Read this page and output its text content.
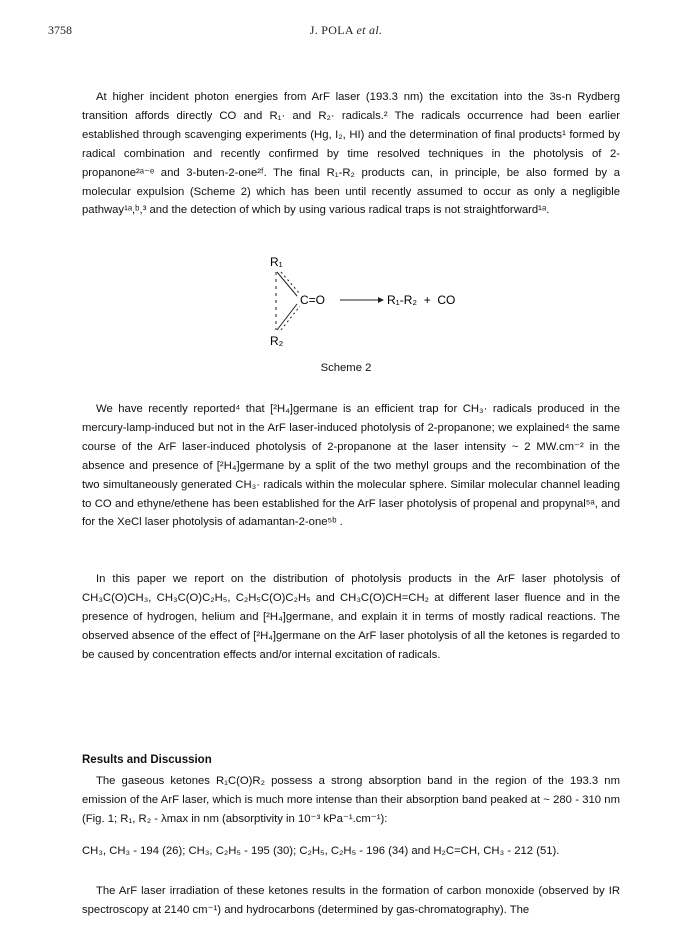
3758	J. POLA et al.

At higher incident photon energies from ArF laser (193.3 nm) the excitation into the 3s-n Rydberg transition affords directly CO and R₁· and R₂· radicals.² The radicals occurrence had been earlier established through scavenging experiments (Hg, I₂, HI) and the determination of final products¹ formed by radical combination and recently confirmed by time resolved techniques in the photolysis of 2-propanone²ᵃ⁻ᵉ and 3-buten-2-one²ᶠ. The final R₁-R₂ products can, in principle, be also formed by a molecular expulsion (Scheme 2) which has been until recently assumed to occur as only a negligible pathway¹ᵃ,ᵇ,³ and the detection of which by using various radical traps is not straightforward¹ᵃ.

R₁
R₂
C=O	R₁-R₂  +  CO
Scheme 2

We have recently reported⁴ that [²H₄]germane is an efficient trap for CH₃· radicals produced in the mercury-lamp-induced but not in the ArF laser-induced photolysis of 2-propanone; we explained⁴ the same course of the ArF laser-induced photolysis of 2-propanone at the laser intensity ~ 2 MW.cm⁻² in the absence and presence of [²H₄]germane by a split of the two methyl groups and the recombination of the two simultaneously generated CH₃· radicals within the molecular sphere. Similar molecular channel leading to CO and ethyne/ethene has been established for the ArF laser photolysis of propenal and propynal⁵ᵃ, and for the XeCl laser photolysis of adamantan-2-one⁵ᵇ .

In this paper we report on the distribution of photolysis products in the ArF laser photolysis of CH₃C(O)CH₃, CH₃C(O)C₂H₅, C₂H₅C(O)C₂H₅ and CH₃C(O)CH=CH₂ at different laser fluence and in the presence of hydrogen, helium and [²H₄]germane, and explain it in terms of mostly radical reactions. The observed absence of the effect of [²H₄]germane on the ArF laser photolysis of all the ketones is regarded to be caused by concentration effects and/or internal excitation of radicals.

Results and Discussion

The gaseous ketones R₁C(O)R₂ possess a strong absorption band in the region of the 193.3 nm emission of the ArF laser, which is much more intense than their absorption band peaked at ~ 280 - 310 nm (Fig. 1; R₁, R₂ - λmax in nm (absorptivity in 10⁻³ kPa⁻¹.cm⁻¹):

CH₃, CH₃ - 194 (26); CH₃, C₂H₅ - 195 (30); C₂H₅, C₂H₅ - 196 (34) and H₂C=CH, CH₃ - 212 (51).

The ArF laser irradiation of these ketones results in the formation of carbon monoxide (observed by IR spectroscopy at 2140 cm⁻¹) and hydrocarbons (determined by gas-chromatography). The
